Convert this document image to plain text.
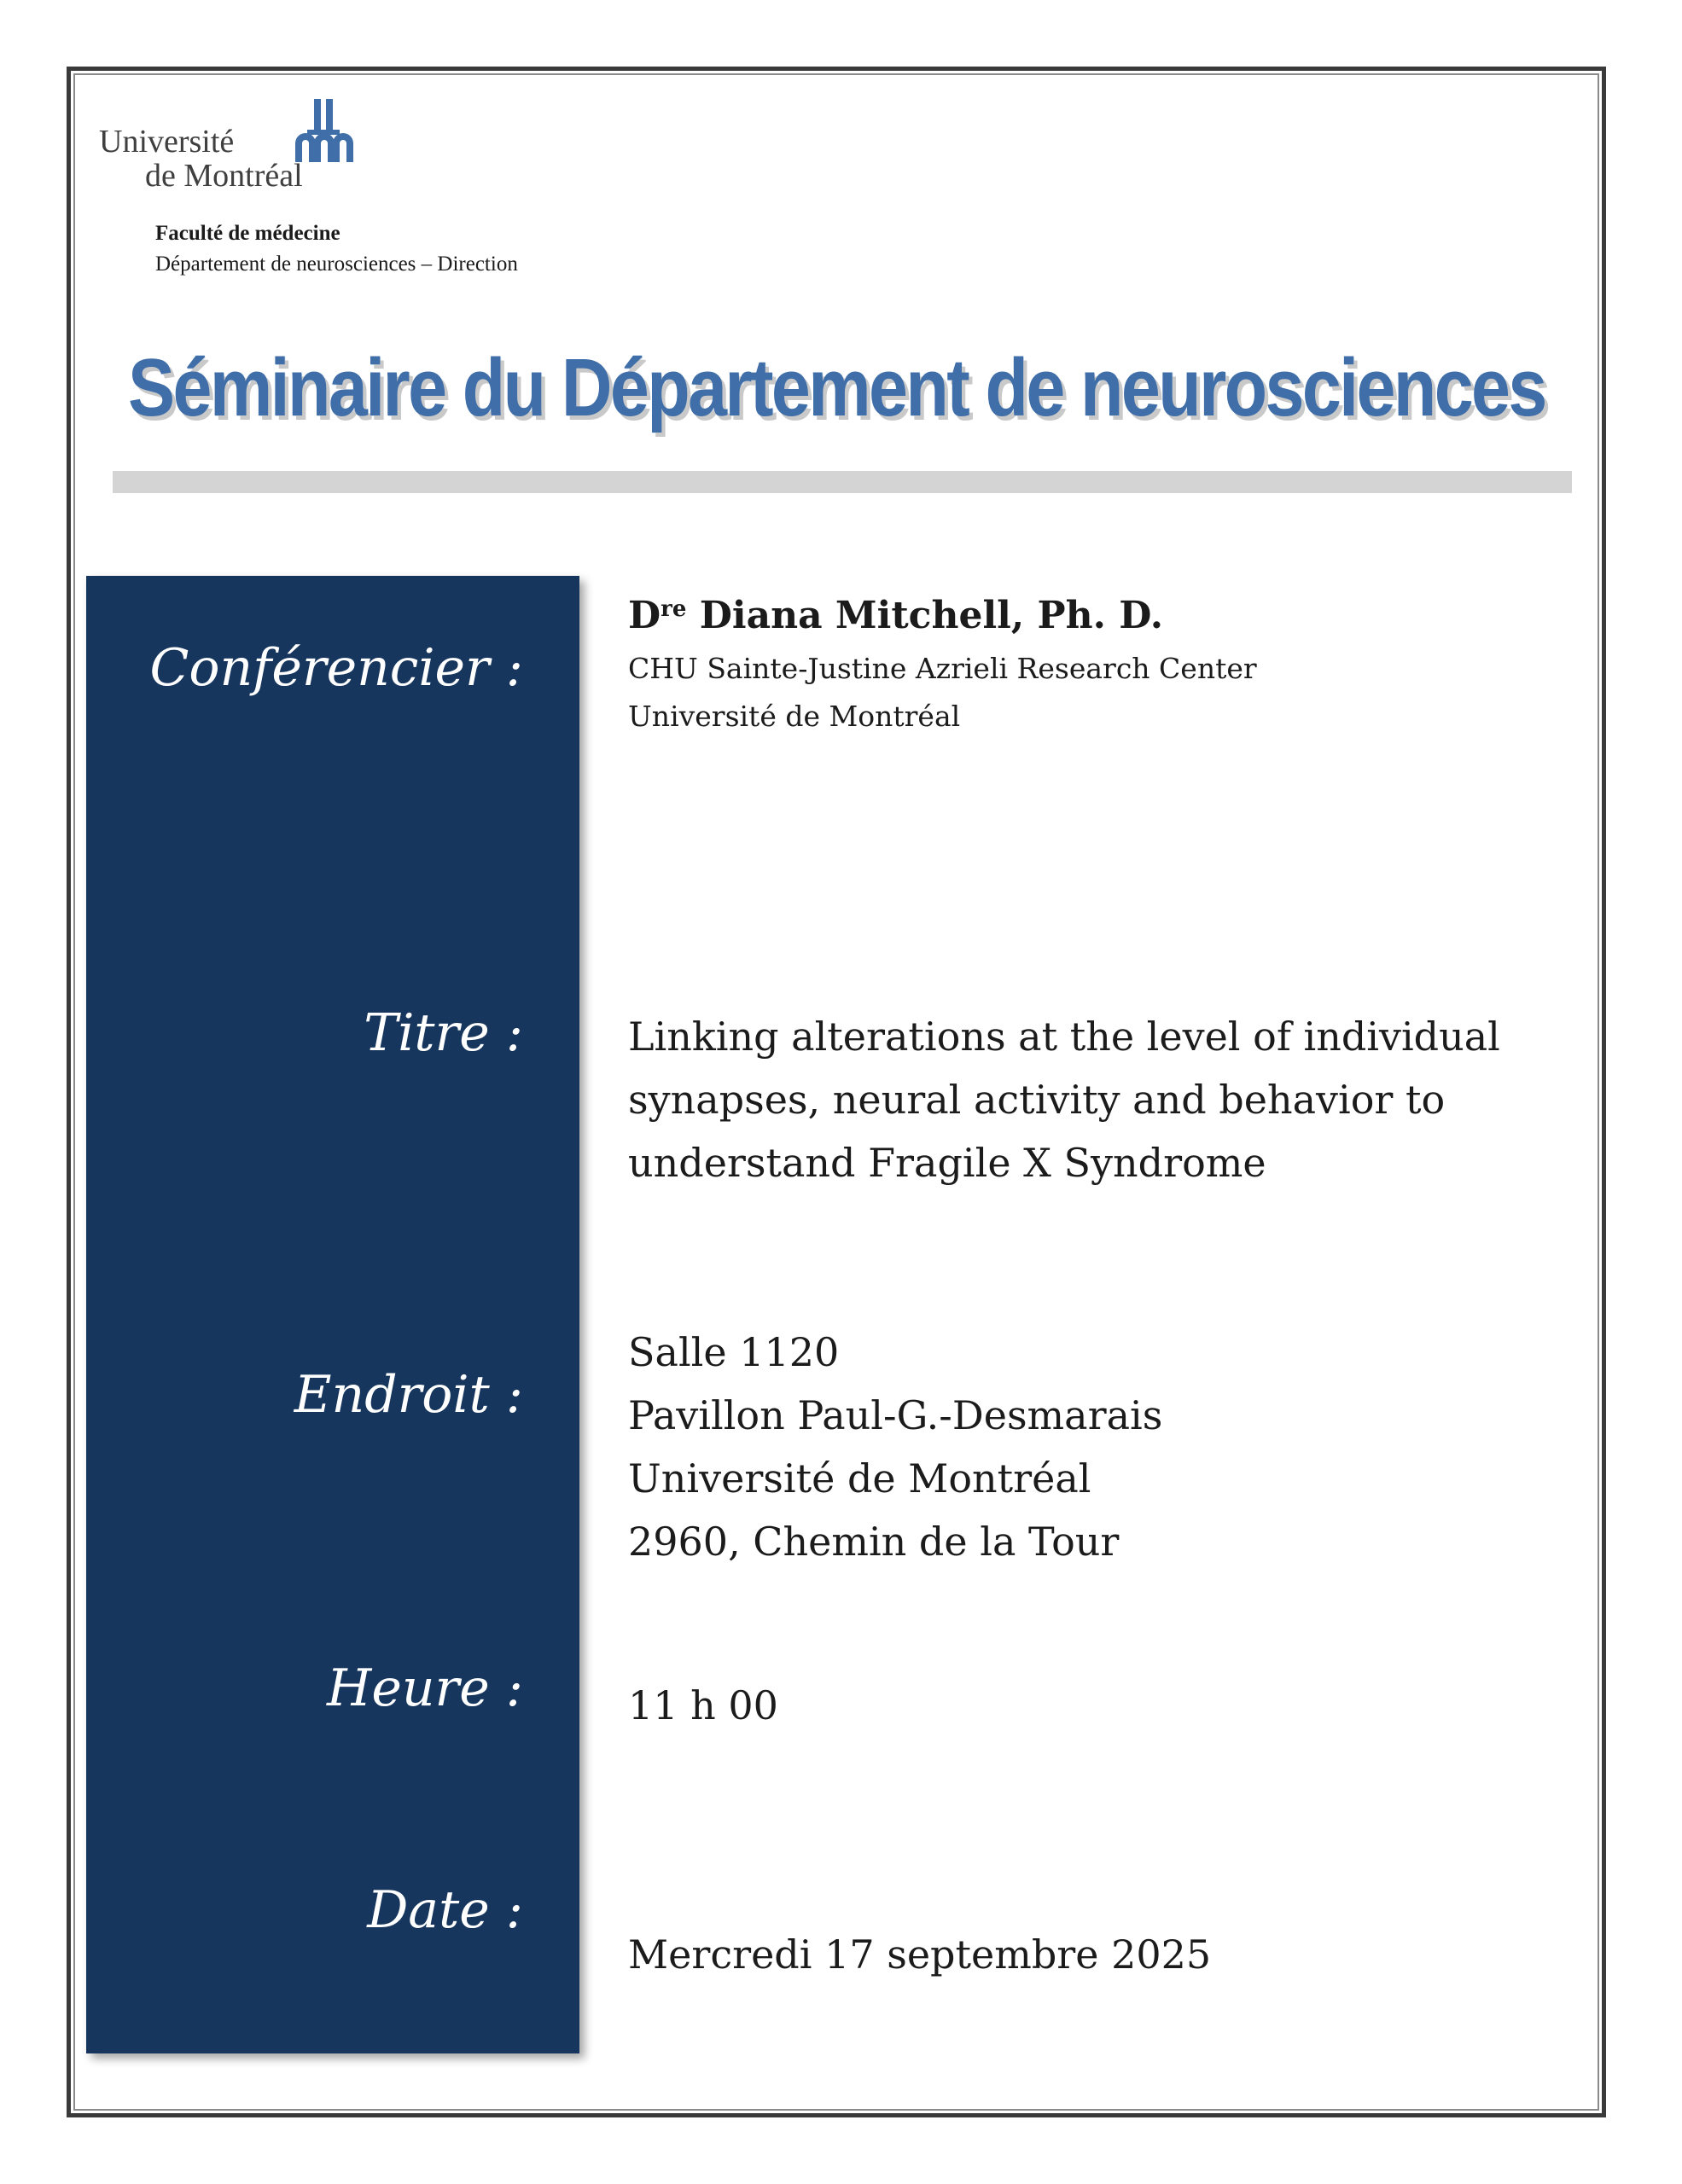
Université
de Montréal
Faculté de médecine
Département de neurosciences – Direction
Séminaire du Département de neurosciences
Conférencier :
Titre :
Endroit :
Heure :
Date :
Dre Diana Mitchell, Ph. D.
CHU Sainte-Justine Azrieli Research Center
Université de Montréal
Linking alterations at the level of individual
synapses, neural activity and behavior to
understand Fragile X Syndrome
Salle 1120
Pavillon Paul-G.-Desmarais
Université de Montréal
2960, Chemin de la Tour
11 h 00
Mercredi 17 septembre 2025
